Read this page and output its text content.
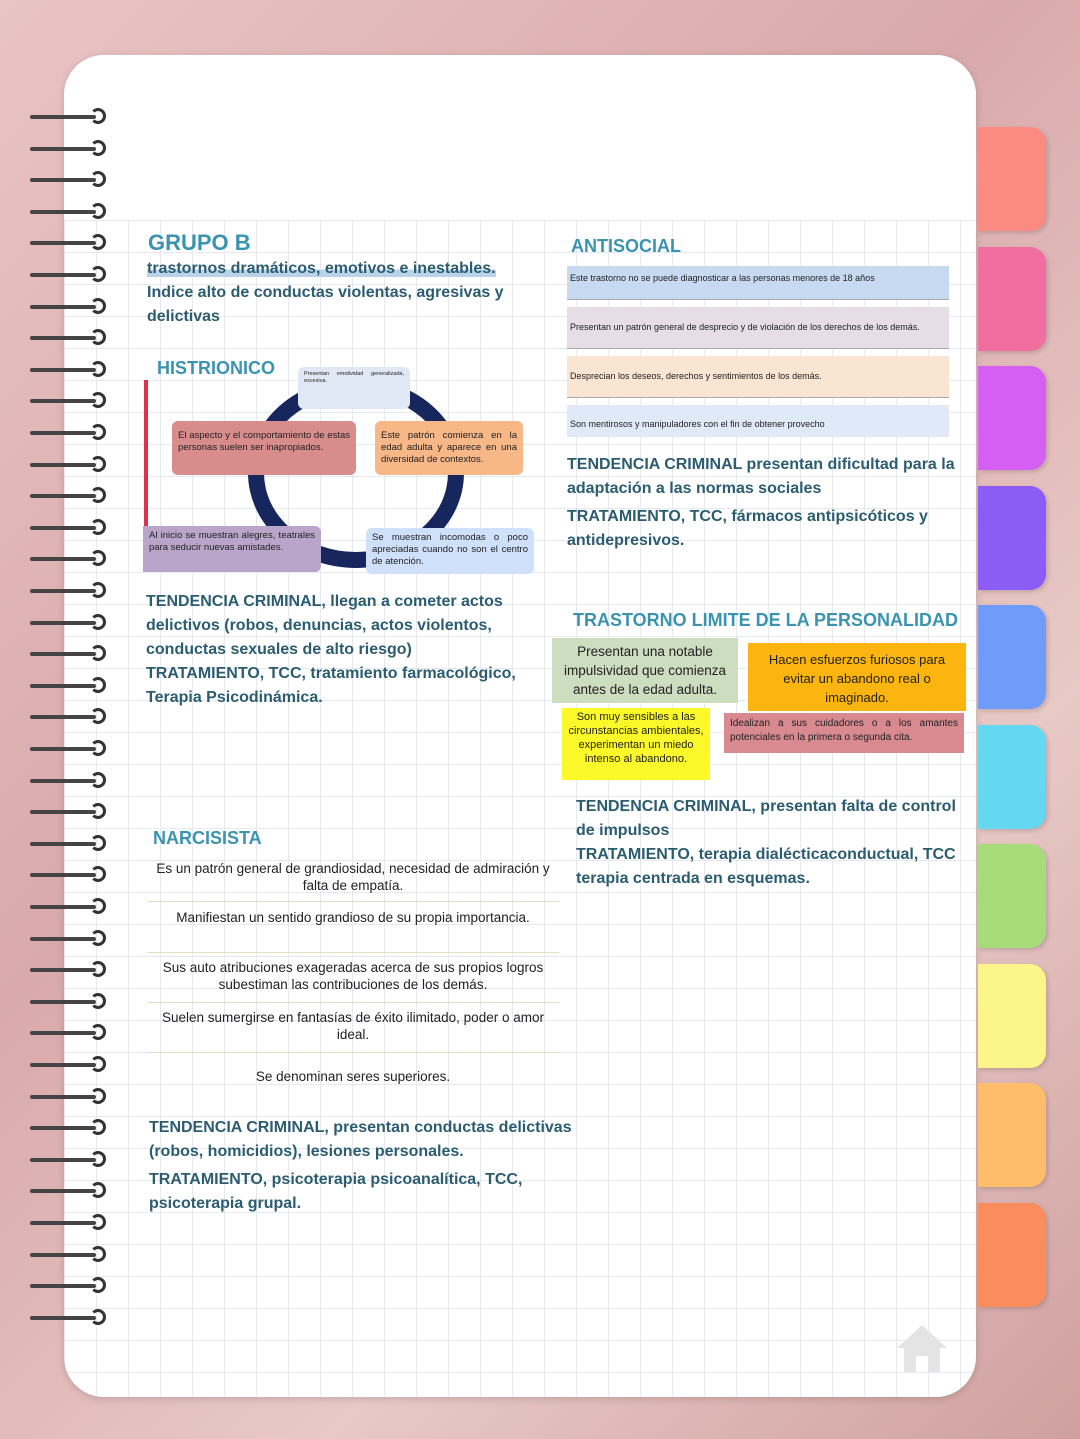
GRUPO B
trastornos dramáticos, emotivos e inestables.
Indice alto de conductas violentas, agresivas y delictivas
HISTRIONICO	Presentan emotividad generalizada, excesiva.
El aspecto y el comportamiento de estas personas suelen ser inapropiados.
Este patrón comienza en la edad adulta y aparece en una diversidad de contextos.
Al inicio se muestran alegres, teatrales para seducir nuevas amistades.
Se muestran incomodas o poco apreciadas cuando no son el centro de atención.
TENDENCIA CRIMINAL, llegan a cometer actos delictivos (robos, denuncias, actos violentos, conductas sexuales de alto riesgo)
TRATAMIENTO, TCC, tratamiento farmacológico, Terapia Psicodinámica.
ANTISOCIAL
Este trastorno no se puede diagnosticar a las personas menores de 18 años
Presentan un patrón general de desprecio y de violación de los derechos de los demás.
Desprecian los deseos, derechos y sentimientos de los demás.
Son mentirosos y manipuladores con el fin de obtener provecho
TENDENCIA CRIMINAL presentan dificultad para la adaptación a las normas sociales
TRATAMIENTO, TCC, fármacos antipsicóticos y antidepresivos.
TRASTORNO LIMITE DE LA PERSONALIDAD
Presentan una notable impulsividad que comienza antes de la edad adulta.
Hacen esfuerzos furiosos para evitar un abandono real o imaginado.
Son muy sensibles a las circunstancias ambientales, experimentan un miedo intenso al abandono.
Idealizan a sus cuidadores o a los amantes potenciales en la primera o segunda cita.
TENDENCIA CRIMINAL, presentan falta de control de impulsos
TRATAMIENTO, terapia dialécticaconductual, TCC terapia centrada en esquemas.
NARCISISTA
Es un patrón general de grandiosidad, necesidad de admiración y falta de empatía.
Manifiestan un sentido grandioso de su propia importancia.
Sus auto atribuciones exageradas acerca de sus propios logros subestiman las contribuciones de los demás.
Suelen sumergirse en fantasías de éxito ilimitado, poder o amor ideal.
Se denominan seres superiores.
TENDENCIA CRIMINAL, presentan conductas delictivas (robos, homicidios), lesiones personales.
TRATAMIENTO, psicoterapia psicoanalítica, TCC, psicoterapia grupal.
